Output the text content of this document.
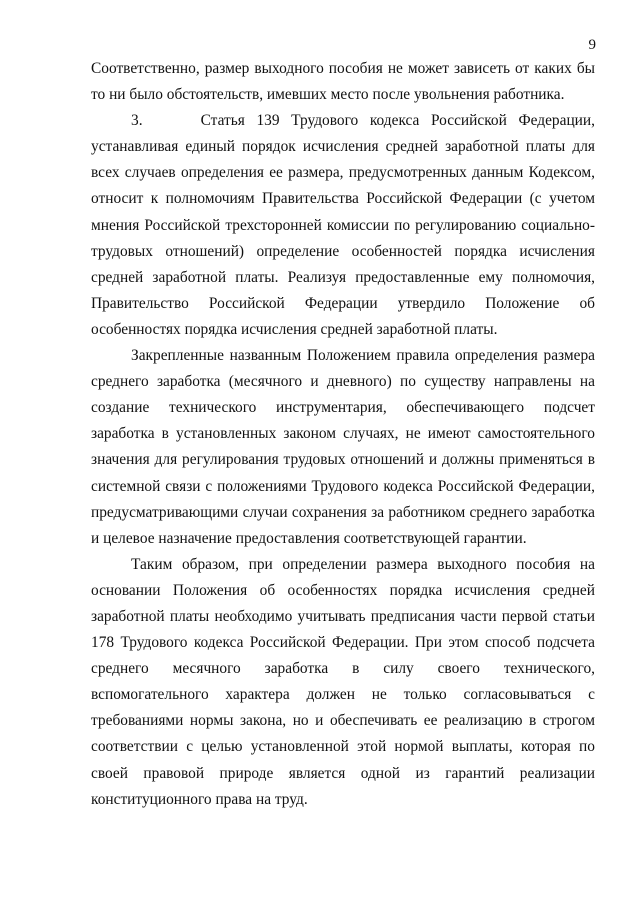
9

Соответственно, размер выходного пособия не может зависеть от каких бы то ни было обстоятельств, имевших место после увольнения работника.

3.     Статья 139 Трудового кодекса Российской Федерации, устанавливая единый порядок исчисления средней заработной платы для всех случаев определения ее размера, предусмотренных данным Кодексом, относит к полномочиям Правительства Российской Федерации (с учетом мнения Российской трехсторонней комиссии по регулированию социально-трудовых отношений) определение особенностей порядка исчисления средней заработной платы. Реализуя предоставленные ему полномочия, Правительство Российской Федерации утвердило Положение об особенностях порядка исчисления средней заработной платы.

Закрепленные названным Положением правила определения размера среднего заработка (месячного и дневного) по существу направлены на создание технического инструментария, обеспечивающего подсчет заработка в установленных законом случаях, не имеют самостоятельного значения для регулирования трудовых отношений и должны применяться в системной связи с положениями Трудового кодекса Российской Федерации, предусматривающими случаи сохранения за работником среднего заработка и целевое назначение предоставления соответствующей гарантии.

Таким образом, при определении размера выходного пособия на основании Положения об особенностях порядка исчисления средней заработной платы необходимо учитывать предписания части первой статьи 178 Трудового кодекса Российской Федерации. При этом способ подсчета среднего месячного заработка в силу своего технического, вспомогательного характера должен не только согласовываться с требованиями нормы закона, но и обеспечивать ее реализацию в строгом соответствии с целью установленной этой нормой выплаты, которая по своей правовой природе является одной из гарантий реализации конституционного права на труд.
